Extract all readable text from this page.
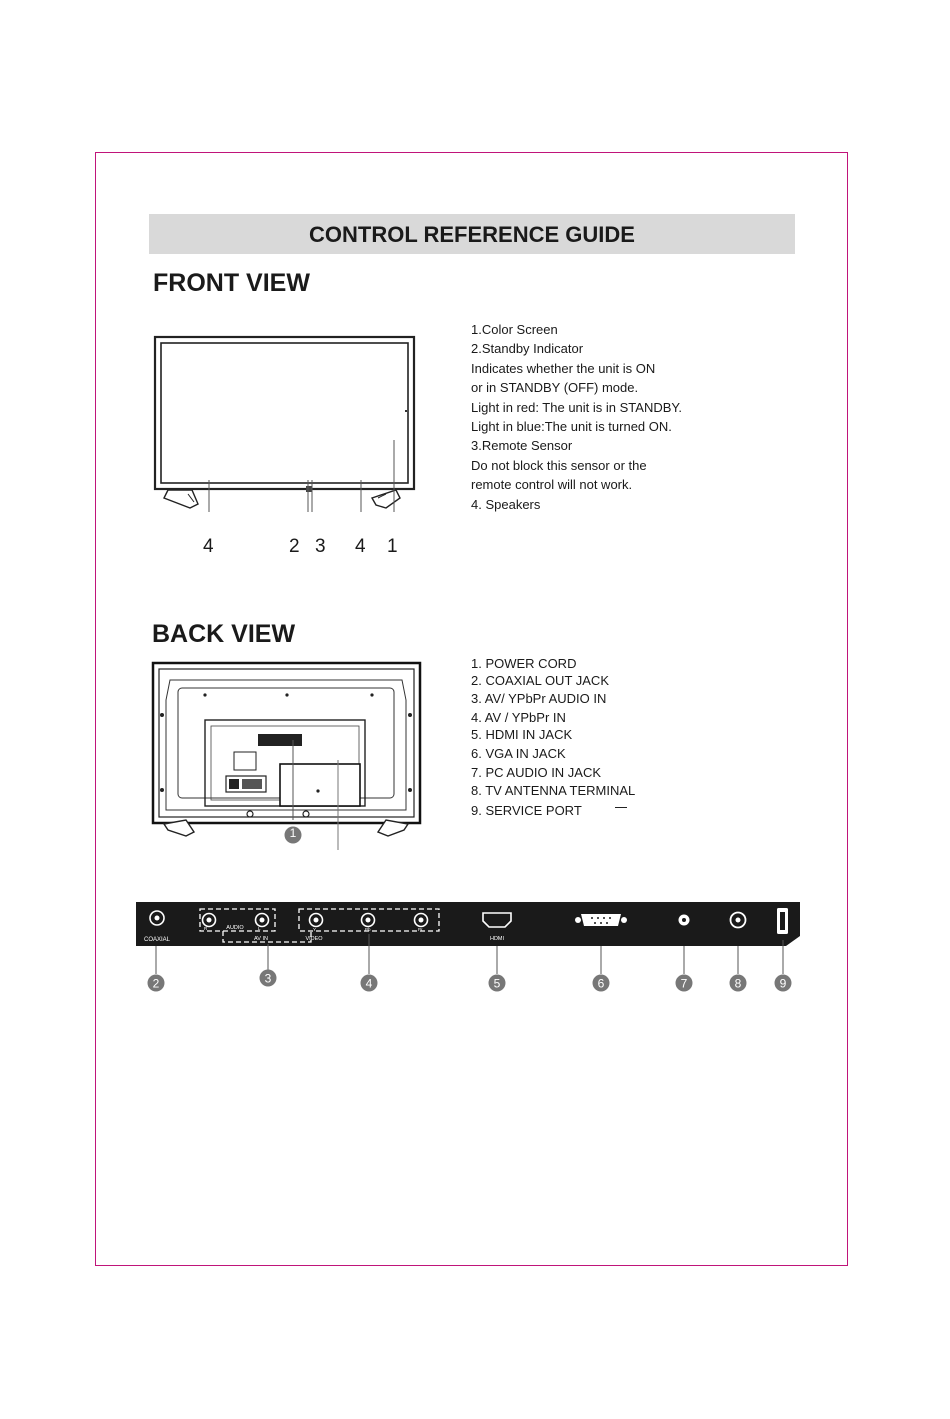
CONTROL REFERENCE GUIDE
FRONT VIEW
4	2 3 4 1
1.Color Screen
2.Standby Indicator
Indicates whether the unit is ON
or in STANDBY (OFF) mode.
Light in red: The unit is in STANDBY.
Light in blue:The unit is turned ON.
3.Remote Sensor
Do not block this sensor or the
remote control will not work.
4. Speakers
BACK VIEW
1
1. POWER CORD
2. COAXIAL OUT JACK
3. AV/ YPbPr AUDIO IN
4. AV / YPbPr IN
5. HDMI IN JACK
6. VGA IN JACK
7. PC AUDIO IN JACK
8. TV ANTENNA TERMINAL
9. SERVICE PORT
COAXIAL
AUDIO
R	L
AV IN
Y	Pb	Pr
VIDEO	HDMI
2	3	4	5	6	7	8	9
